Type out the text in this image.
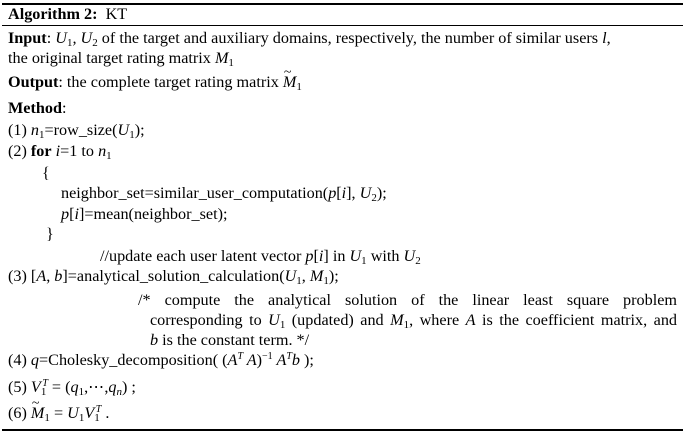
Algorithm 2: KT
Input: $U_1$, $U_2$ of the target and auxiliary domains, respectively, the number of similar users l,
the original target rating matrix $M_1$
Output: the complete target rating matrix ~ $M_1$
Method:
(1) $n_1=row\_size(U_1)$;
(2) for i=1 to $n_1$
{
neighbor_set=similar_user_computation(p[i], $U_2$);
p[i]=mean(neighbor_set);
}
//update each user latent vector p[i] in $U_1$ with $U_2$
(3) [A, $b]=analytical\_solution\_calculation(U_1$, $M_1$);
/* compute the analytical solution of the linear least square problem
corresponding to $U_1$ (updated) and $M_1$, where A is the coefficient matrix, and
b is the constant term. */
(4) q=Cholesky_decomposition( ($A^T$ A)$^{-1}$ $A^Tb$ );
(5) $V_1^T$ = $(q_1,\cdots,q_n)$ ;
(6) ~ $M_1 = U_1V_1^T$ .
